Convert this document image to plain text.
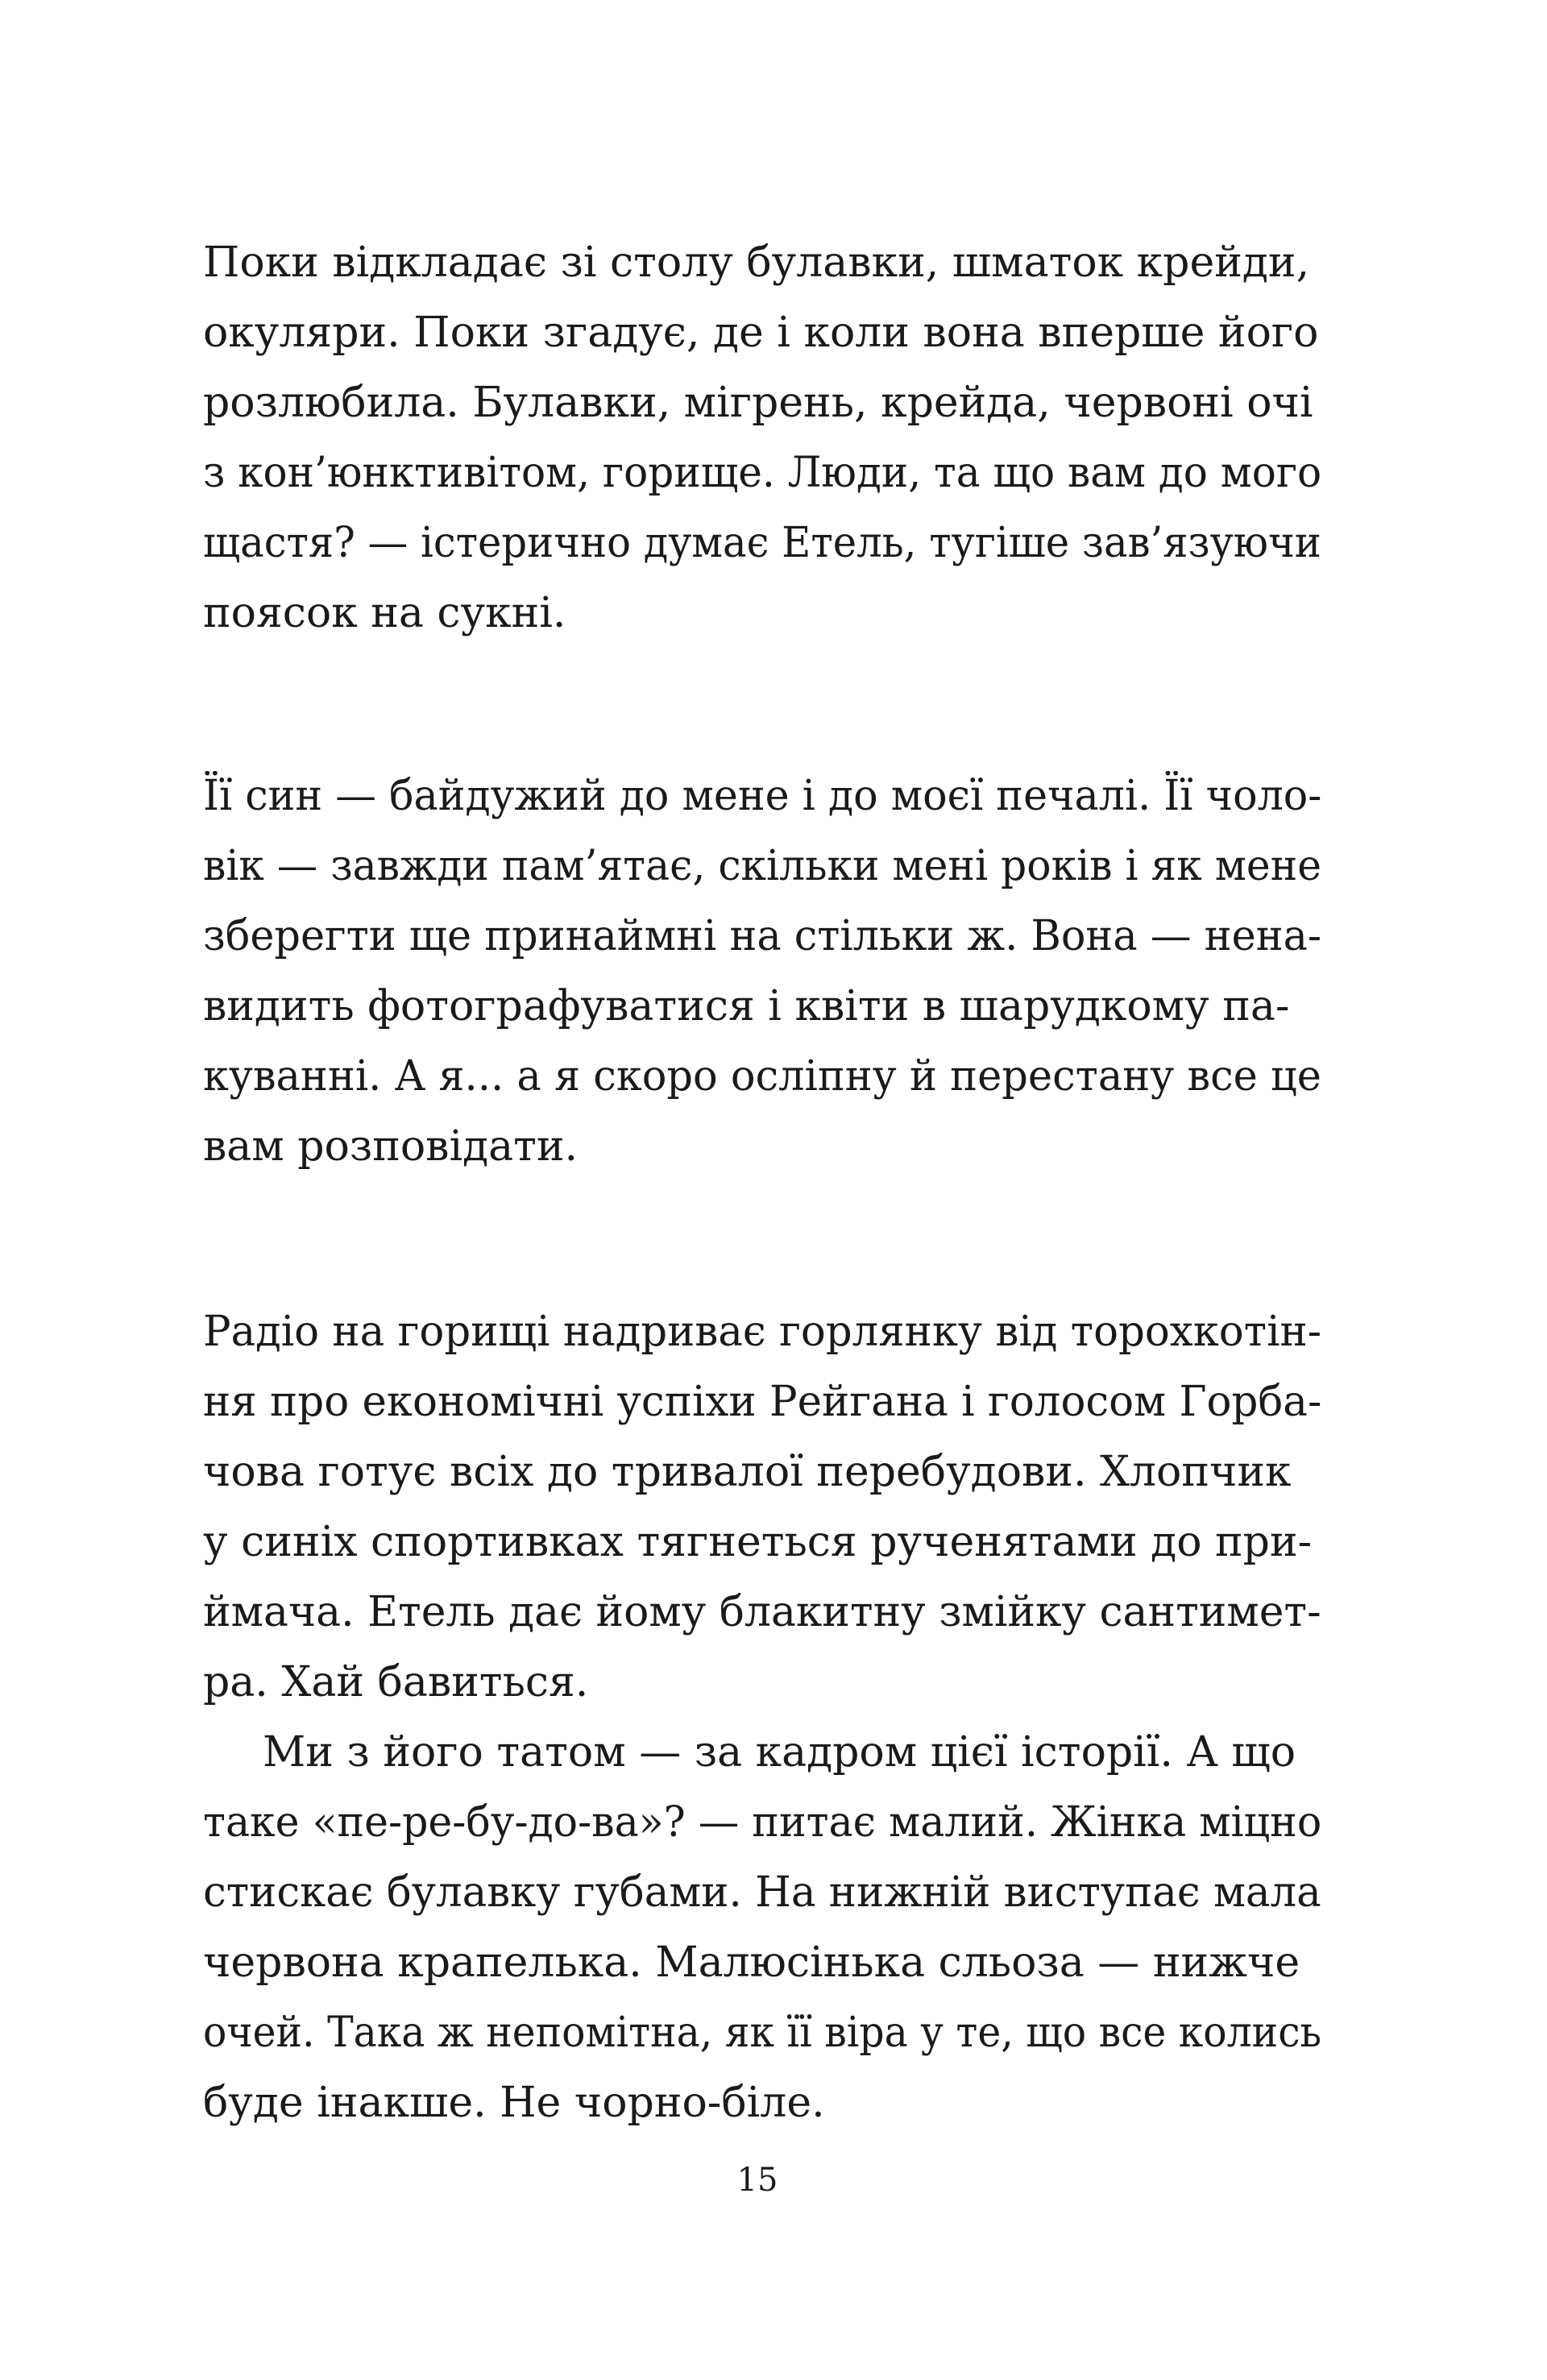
Поки відкладає зі столу булавки, шматок крейди,
окуляри. Поки згадує, де і коли вона вперше його
розлюбила. Булавки, мігрень, крейда, червоні очі
з кон’юнктивітом, горище. Люди, та що вам до мого
щастя? — істерично думає Етель, тугіше зав’язуючи
поясок на сукні.
Її син — байдужий до мене і до моєї печалі. Її чоло-
вік — завжди пам’ятає, скільки мені років і як мене
зберегти ще принаймні на стільки ж. Вона — нена-
видить фотографуватися і квіти в шарудкому па-
куванні. А я... а я скоро осліпну й перестану все це
вам розповідати.
Радіо на горищі надриває горлянку від торохкотін-
ня про економічні успіхи Рейгана і голосом Горба-
чова готує всіх до тривалої перебудови. Хлопчик
у синіх спортивках тягнеться рученятами до при-
ймача. Етель дає йому блакитну змійку сантимет-
ра. Хай бавиться.
Ми з його татом — за кадром цієї історії. А що
таке «пе-ре-бу-до-ва»? — питає малий. Жінка міцно
стискає булавку губами. На нижній виступає мала
червона крапелька. Малюсінька сльоза — нижче
очей. Така ж непомітна, як її віра у те, що все колись
буде інакше. Не чорно-біле.
15
